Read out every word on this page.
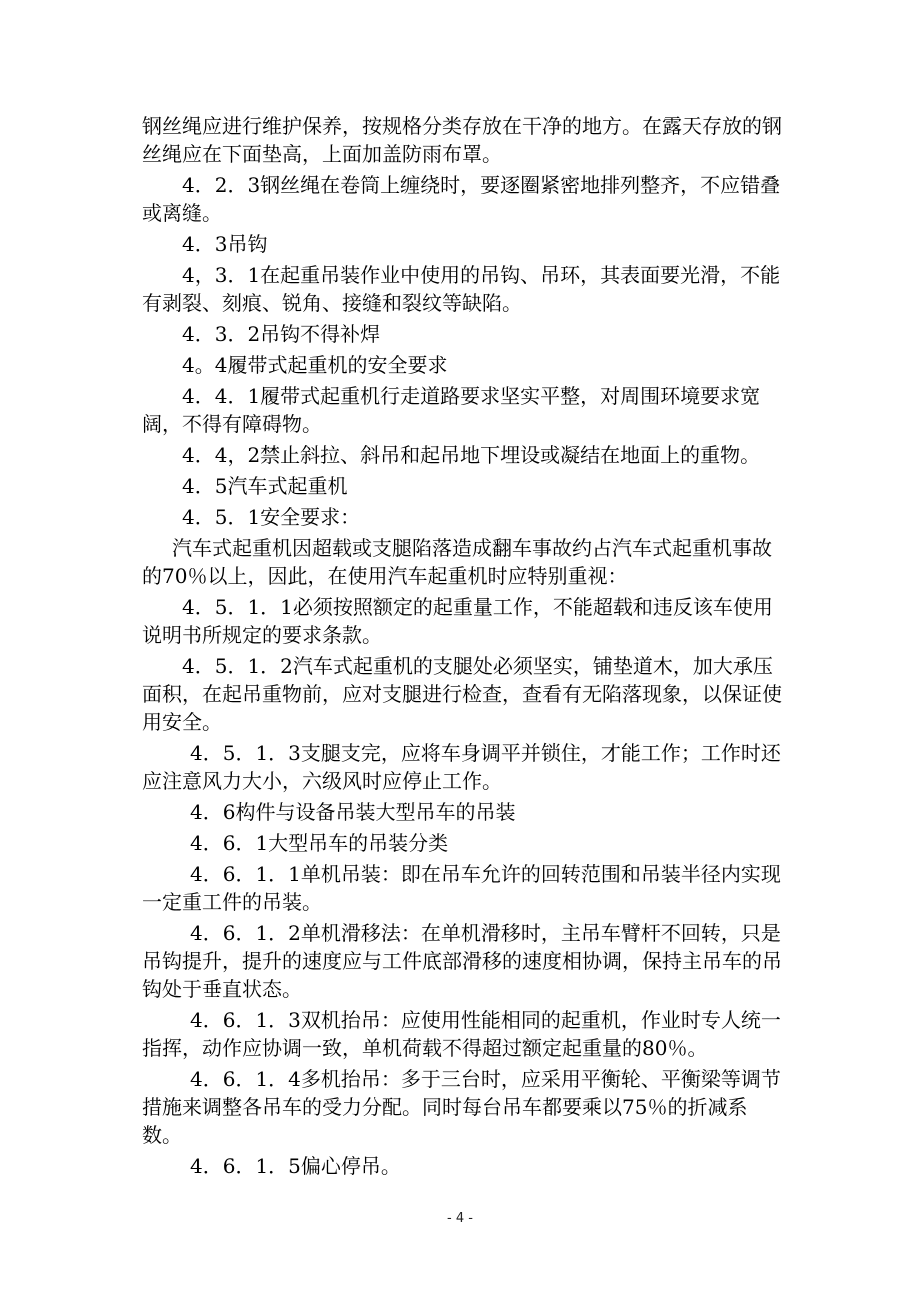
钢丝绳应进行维护保养，按规格分类存放在干净的地方。在露天存放的钢丝绳应在下面垫高，上面加盖防雨布罩。

4．2．3钢丝绳在卷筒上缠绕时，要逐圈紧密地排列整齐，不应错叠或离缝。

4．3吊钩

4，3．1在起重吊装作业中使用的吊钩、吊环，其表面要光滑，不能有剥裂、刻痕、锐角、接缝和裂纹等缺陷。

4．3．2吊钩不得补焊

4。4履带式起重机的安全要求

4．4．1履带式起重机行走道路要求坚实平整，对周围环境要求宽阔，不得有障碍物。

4．4，2禁止斜拉、斜吊和起吊地下埋设或凝结在地面上的重物。

4．5汽车式起重机

4．5．1安全要求：

汽车式起重机因超载或支腿陷落造成翻车事故约占汽车式起重机事故的70％以上，因此，在使用汽车起重机时应特别重视：

4．5．1．1必须按照额定的起重量工作，不能超载和违反该车使用说明书所规定的要求条款。

4．5．1．2汽车式起重机的支腿处必须坚实，铺垫道木，加大承压面积，在起吊重物前，应对支腿进行检查，查看有无陷落现象，以保证使用安全。

4．5．1．3支腿支完，应将车身调平并锁住，才能工作；工作时还应注意风力大小，六级风时应停止工作。

4．6构件与设备吊装大型吊车的吊装

4．6．1大型吊车的吊装分类

4．6．1．1单机吊装：即在吊车允许的回转范围和吊装半径内实现一定重工件的吊装。

4．6．1．2单机滑移法：在单机滑移时，主吊车臂杆不回转，只是吊钩提升，提升的速度应与工件底部滑移的速度相协调，保持主吊车的吊钩处于垂直状态。

4．6．1．3双机抬吊：应使用性能相同的起重机，作业时专人统一指挥，动作应协调一致，单机荷载不得超过额定起重量的80％。

4．6．1．4多机抬吊：多于三台时，应采用平衡轮、平衡梁等调节措施来调整各吊车的受力分配。同时每台吊车都要乘以75％的折减系数。

4．6．1．5偏心停吊。

- 4 -
